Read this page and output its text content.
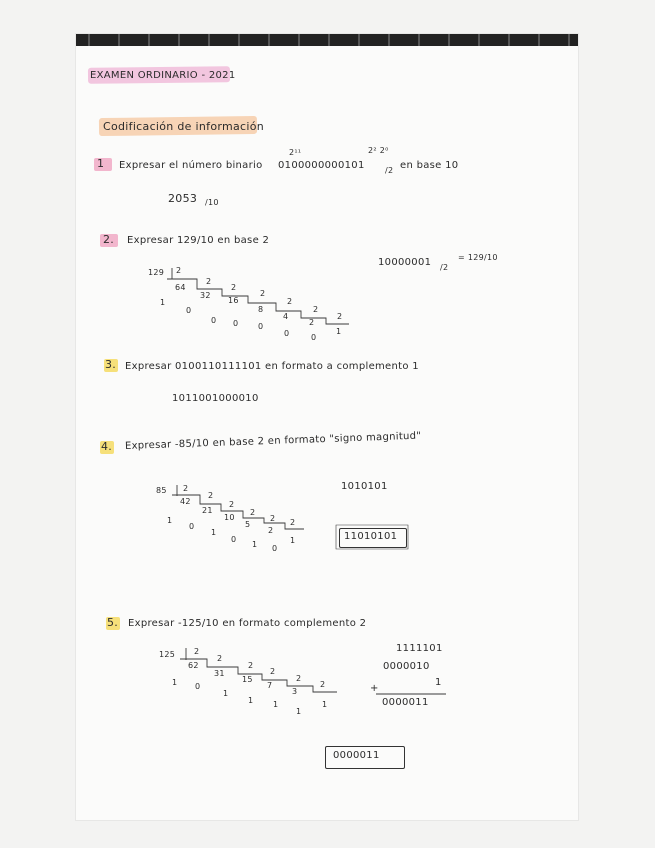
EXAMEN ORDINARIO - 2021
Codificación de información
1 Expresar el número binario
2¹¹	2² 2⁰
0100000000101	/2 en base 10
2053 /10
2. Expresar 129/10 en base 2
10000001 /2
= 129/10
129 2
64
2
32
2
16
2
8
2
4
2
2
2
1
0
0 0 0
0	0
1
3. Expresar 0100110111101 en formato a complemento 1
1011001000010
4. Expresar -85/10 en base 2 en formato "signo magnitud"
1010101
11010101
85 2
42
2
21
2
10
2
5
2
2
2
1
0
1
0
1 0
1
5. Expresar -125/10 en formato complemento 2
125 2
62
2
31
2
15
2
7
2
3
2
1 0
1
1 1
1
1
1111101
0000010
1
+
0000011
0000011
